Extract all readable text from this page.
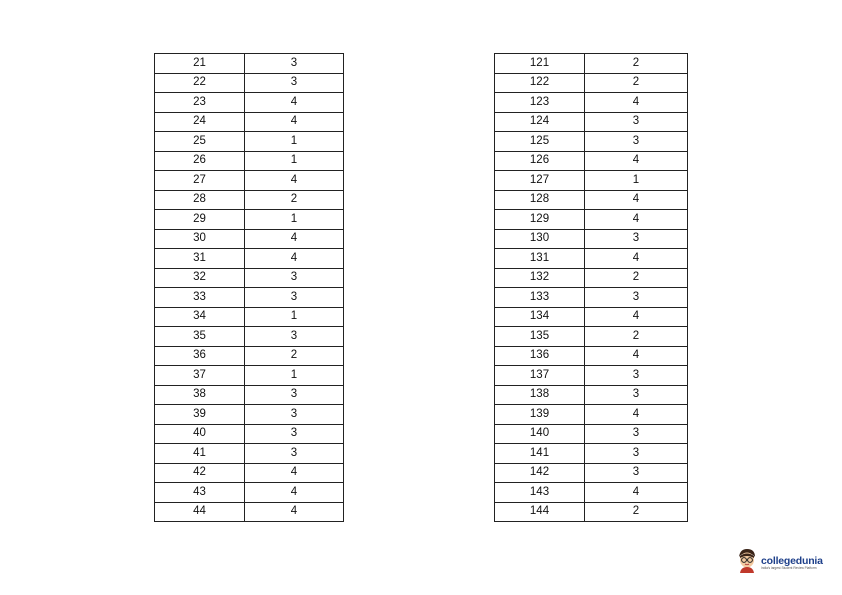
21	3
22	3
23	4
24	4
25	1
26	1
27	4
28	2
29	1
30	4
31	4
32	3
33	3
34	1
35	3
36	2
37	1
38	3
39	3
40	3
41	3
42	4
43	4
44	4
121	2
122	2
123	4
124	3
125	3
126	4
127	1
128	4
129	4
130	3
131	4
132	2
133	3
134	4
135	2
136	4
137	3
138	3
139	4
140	3
141	3
142	3
143	4
144	2
collegedunia
India's largest Student Review Platform
